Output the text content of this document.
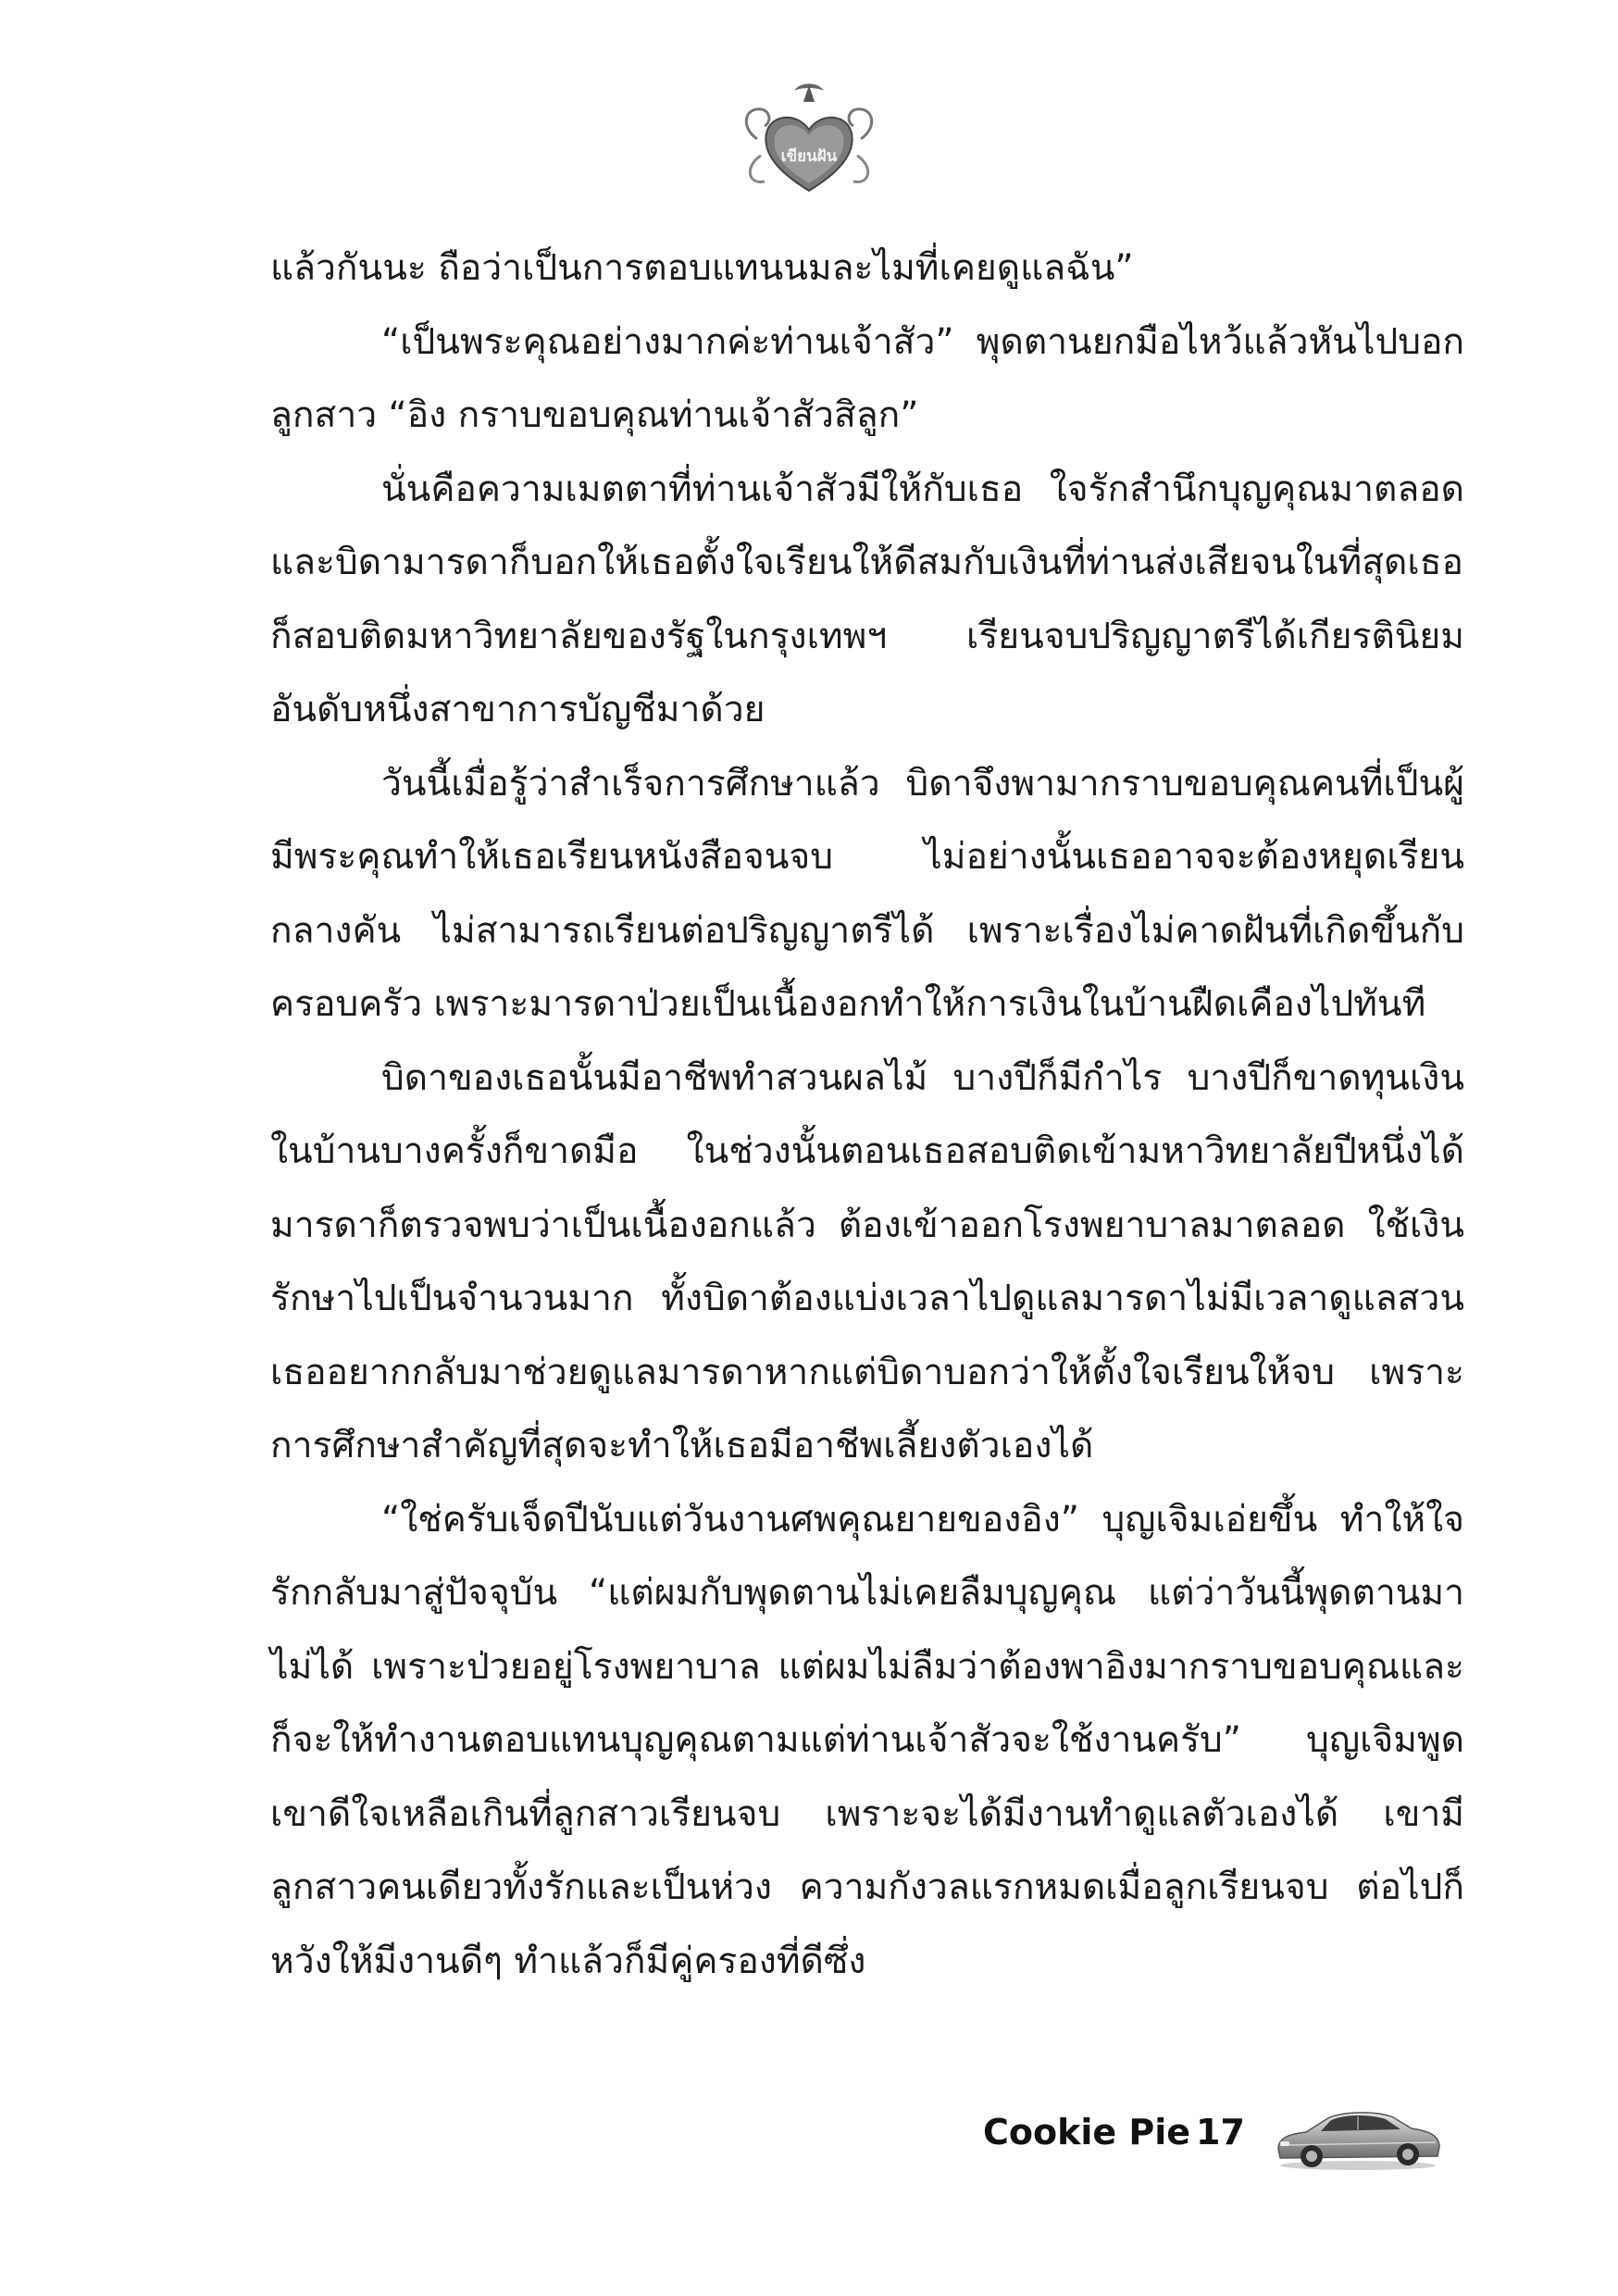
เขียนฝัน

แล้วกันนะ ถือว่าเป็นการตอบแทนนมละไมที่เคยดูแลฉัน”

“เป็นพระคุณอย่างมากค่ะท่านเจ้าสัว” พุดตานยกมือไหว้แล้วหันไปบอกลูกสาว “อิง กราบขอบคุณท่านเจ้าสัวสิลูก”

นั่นคือความเมตตาที่ท่านเจ้าสัวมีให้กับเธอ ใจรักสำนึกบุญคุณมาตลอด และบิดามารดาก็บอกให้เธอตั้งใจเรียนให้ดีสมกับเงินที่ท่านส่งเสียจนในที่สุดเธอก็สอบติดมหาวิทยาลัยของรัฐในกรุงเทพฯ เรียนจบปริญญาตรีได้เกียรตินิยมอันดับหนึ่งสาขาการบัญชีมาด้วย

วันนี้เมื่อรู้ว่าสำเร็จการศึกษาแล้ว บิดาจึงพามากราบขอบคุณคนที่เป็นผู้มีพระคุณทำให้เธอเรียนหนังสือจนจบ ไม่อย่างนั้นเธออาจจะต้องหยุดเรียนกลางคัน ไม่สามารถเรียนต่อปริญญาตรีได้ เพราะเรื่องไม่คาดฝันที่เกิดขึ้นกับครอบครัว เพราะมารดาป่วยเป็นเนื้องอกทำให้การเงินในบ้านฝืดเคืองไปทันที

บิดาของเธอนั้นมีอาชีพทำสวนผลไม้ บางปีก็มีกำไร บางปีก็ขาดทุนเงินในบ้านบางครั้งก็ขาดมือ ในช่วงนั้นตอนเธอสอบติดเข้ามหาวิทยาลัยปีหนึ่งได้ มารดาก็ตรวจพบว่าเป็นเนื้องอกแล้ว ต้องเข้าออกโรงพยาบาลมาตลอด ใช้เงินรักษาไปเป็นจำนวนมาก ทั้งบิดาต้องแบ่งเวลาไปดูแลมารดาไม่มีเวลาดูแลสวน เธออยากกลับมาช่วยดูแลมารดาหากแต่บิดาบอกว่าให้ตั้งใจเรียนให้จบ เพราะการศึกษาสำคัญที่สุดจะทำให้เธอมีอาชีพเลี้ยงตัวเองได้

“ใช่ครับเจ็ดปีนับแต่วันงานศพคุณยายของอิง” บุญเจิมเอ่ยขึ้น ทำให้ใจรักกลับมาสู่ปัจจุบัน “แต่ผมกับพุดตานไม่เคยลืมบุญคุณ แต่ว่าวันนี้พุดตานมาไม่ได้ เพราะป่วยอยู่โรงพยาบาล แต่ผมไม่ลืมว่าต้องพาอิงมากราบขอบคุณและก็จะให้ทำงานตอบแทนบุญคุณตามแต่ท่านเจ้าสัวจะใช้งานครับ” บุญเจิมพูด เขาดีใจเหลือเกินที่ลูกสาวเรียนจบ เพราะจะได้มีงานทำดูแลตัวเองได้ เขามีลูกสาวคนเดียวทั้งรักและเป็นห่วง ความกังวลแรกหมดเมื่อลูกเรียนจบ ต่อไปก็หวังให้มีงานดีๆ ทำแล้วก็มีคู่ครองที่ดีซึ่ง

Cookie Pie 17
